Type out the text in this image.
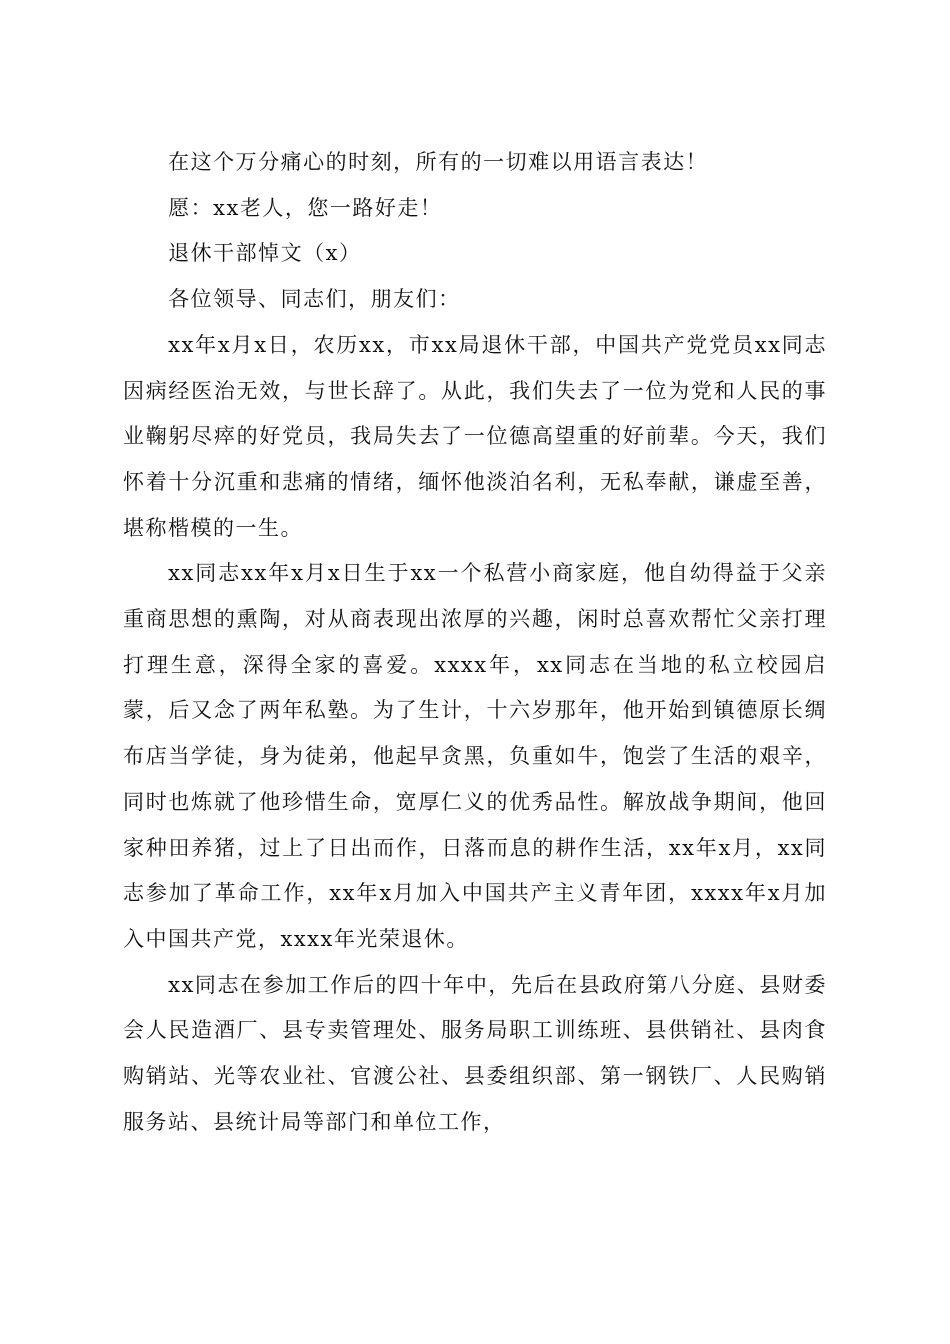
在这个万分痛心的时刻，所有的一切难以用语言表达！

愿：xx老人，您一路好走！

退休干部悼文（x）

各位领导、同志们，朋友们：

xx年x月x日，农历xx，市xx局退休干部，中国共产党党员xx同志因病经医治无效，与世长辞了。从此，我们失去了一位为党和人民的事业鞠躬尽瘁的好党员，我局失去了一位德高望重的好前辈。今天，我们怀着十分沉重和悲痛的情绪，缅怀他淡泊名利，无私奉献，谦虚至善，堪称楷模的一生。

xx同志xx年x月x日生于xx一个私营小商家庭，他自幼得益于父亲重商思想的熏陶，对从商表现出浓厚的兴趣，闲时总喜欢帮忙父亲打理打理生意，深得全家的喜爱。xxxx年，xx同志在当地的私立校园启蒙，后又念了两年私塾。为了生计，十六岁那年，他开始到镇德原长绸布店当学徒，身为徒弟，他起早贪黑，负重如牛，饱尝了生活的艰辛，同时也炼就了他珍惜生命，宽厚仁义的优秀品性。解放战争期间，他回家种田养猪，过上了日出而作，日落而息的耕作生活，xx年x月，xx同志参加了革命工作，xx年x月加入中国共产主义青年团，xxxx年x月加入中国共产党，xxxx年光荣退休。

xx同志在参加工作后的四十年中，先后在县政府第八分庭、县财委会人民造酒厂、县专卖管理处、服务局职工训练班、县供销社、县肉食购销站、光等农业社、官渡公社、县委组织部、第一钢铁厂、人民购销服务站、县统计局等部门和单位工作，
